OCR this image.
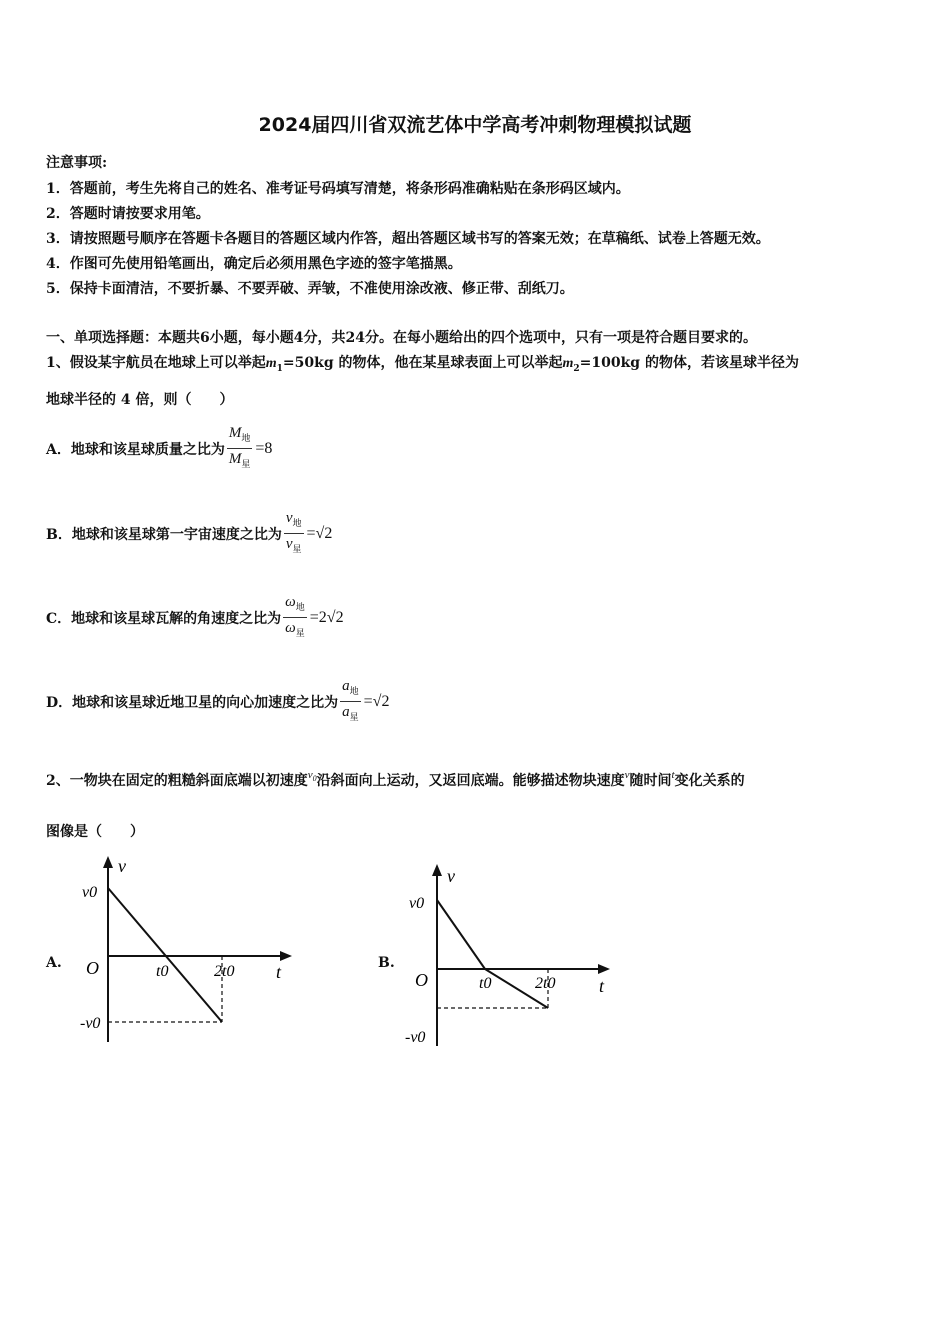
2024届四川省双流艺体中学高考冲刺物理模拟试题
注意事项:
1．答题前，考生先将自己的姓名、准考证号码填写清楚，将条形码准确粘贴在条形码区域内。
2．答题时请按要求用笔。
3．请按照题号顺序在答题卡各题目的答题区域内作答，超出答题区域书写的答案无效；在草稿纸、试卷上答题无效。
4．作图可先使用铅笔画出，确定后必须用黑色字迹的签字笔描黑。
5．保持卡面清洁，不要折暴、不要弄破、弄皱，不准使用涂改液、修正带、刮纸刀。
一、单项选择题：本题共6小题，每小题4分，共24分。在每小题给出的四个选项中，只有一项是符合题目要求的。
1、假设某宇航员在地球上可以举起$m_1=50kg$ 的物体，他在某星球表面上可以举起$m_2=100kg$ 的物体，若该星球半径为
地球半径的 4 倍，则（　　）
A．地球和该星球质量之比为 $\frac{M_地}{M_星} =8$
B．地球和该星球第一宇宙速度之比为 $\frac{v_地}{v_星} =√2$
C．地球和该星球瓦解的角速度之比为 $\frac{\omega_地}{\omega_星} =2√2$
D．地球和该星球近地卫星的向心加速度之比为 $\frac{a_地}{a_星} =√2$
2、一物块在固定的粗糙斜面底端以初速度$^{v_0}$沿斜面向上运动，又返回底端。能够描述物块速度$^v$随时间$^t$变化关系的
图像是（　　）
A.
v
t
O
v0
-v0
t0	2t0	B.
v
t
O
v0
-v0
t0	2t0
